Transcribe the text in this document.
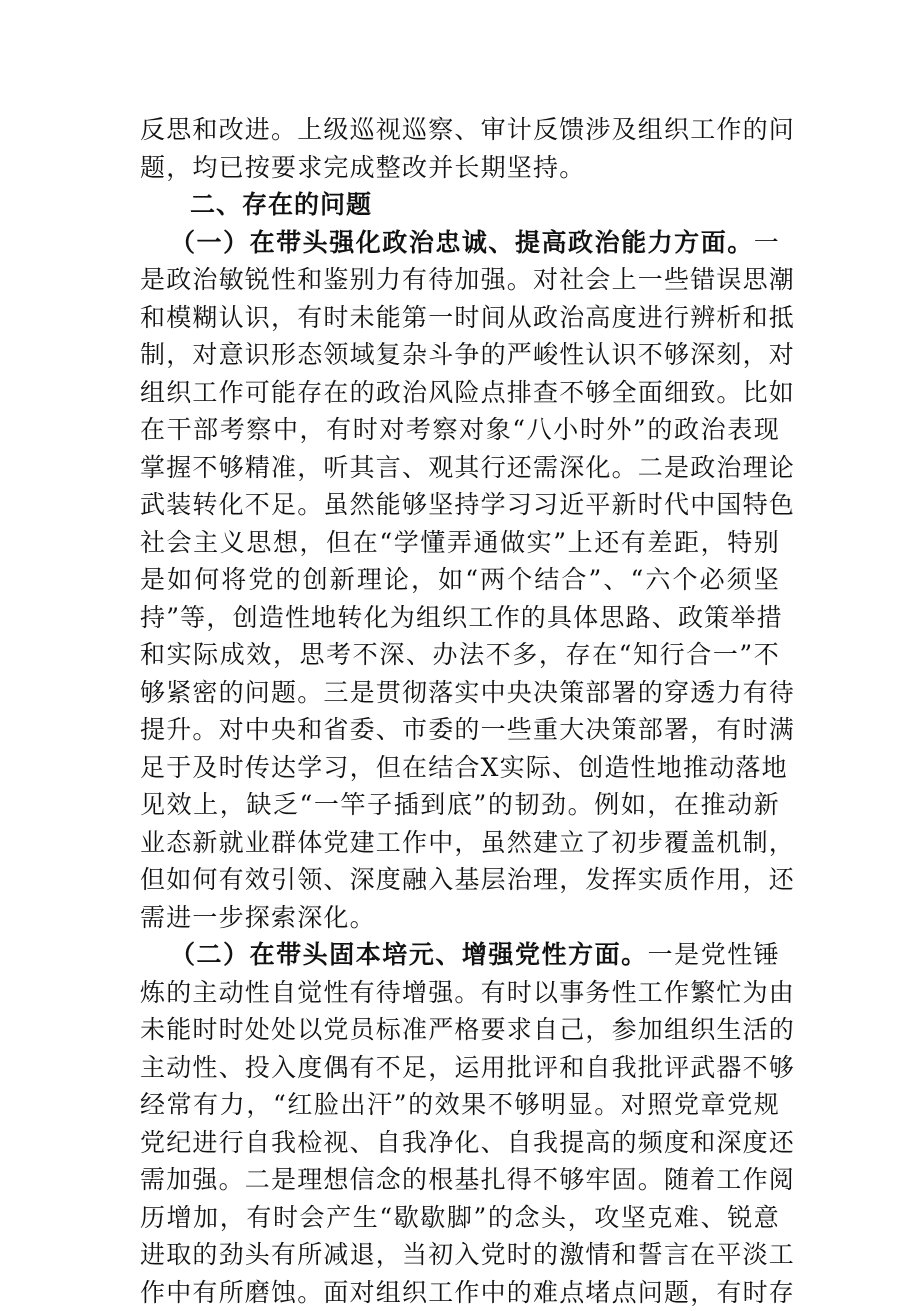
反思和改进。上级巡视巡察、审计反馈涉及组织工作的问
题，均已按要求完成整改并长期坚持。
二、存在的问题
（一）在带头强化政治忠诚、提高政治能力方面。一
是政治敏锐性和鉴别力有待加强。对社会上一些错误思潮
和模糊认识，有时未能第一时间从政治高度进行辨析和抵
制，对意识形态领域复杂斗争的严峻性认识不够深刻，对
组织工作可能存在的政治风险点排查不够全面细致。比如
在干部考察中，有时对考察对象“八小时外”的政治表现
掌握不够精准，听其言、观其行还需深化。二是政治理论
武装转化不足。虽然能够坚持学习习近平新时代中国特色
社会主义思想，但在“学懂弄通做实”上还有差距，特别
是如何将党的创新理论，如“两个结合”、“六个必须坚
持”等，创造性地转化为组织工作的具体思路、政策举措
和实际成效，思考不深、办法不多，存在“知行合一”不
够紧密的问题。三是贯彻落实中央决策部署的穿透力有待
提升。对中央和省委、市委的一些重大决策部署，有时满
足于及时传达学习，但在结合X实际、创造性地推动落地
见效上，缺乏“一竿子插到底”的韧劲。例如，在推动新
业态新就业群体党建工作中，虽然建立了初步覆盖机制，
但如何有效引领、深度融入基层治理，发挥实质作用，还
需进一步探索深化。
（二）在带头固本培元、增强党性方面。一是党性锤
炼的主动性自觉性有待增强。有时以事务性工作繁忙为由
未能时时处处以党员标准严格要求自己，参加组织生活的
主动性、投入度偶有不足，运用批评和自我批评武器不够
经常有力，“红脸出汗”的效果不够明显。对照党章党规
党纪进行自我检视、自我净化、自我提高的频度和深度还
需加强。二是理想信念的根基扎得不够牢固。随着工作阅
历增加，有时会产生“歇歇脚”的念头，攻坚克难、锐意
进取的劲头有所减退，当初入党时的激情和誓言在平淡工
作中有所磨蚀。面对组织工作中的难点堵点问题，有时存
